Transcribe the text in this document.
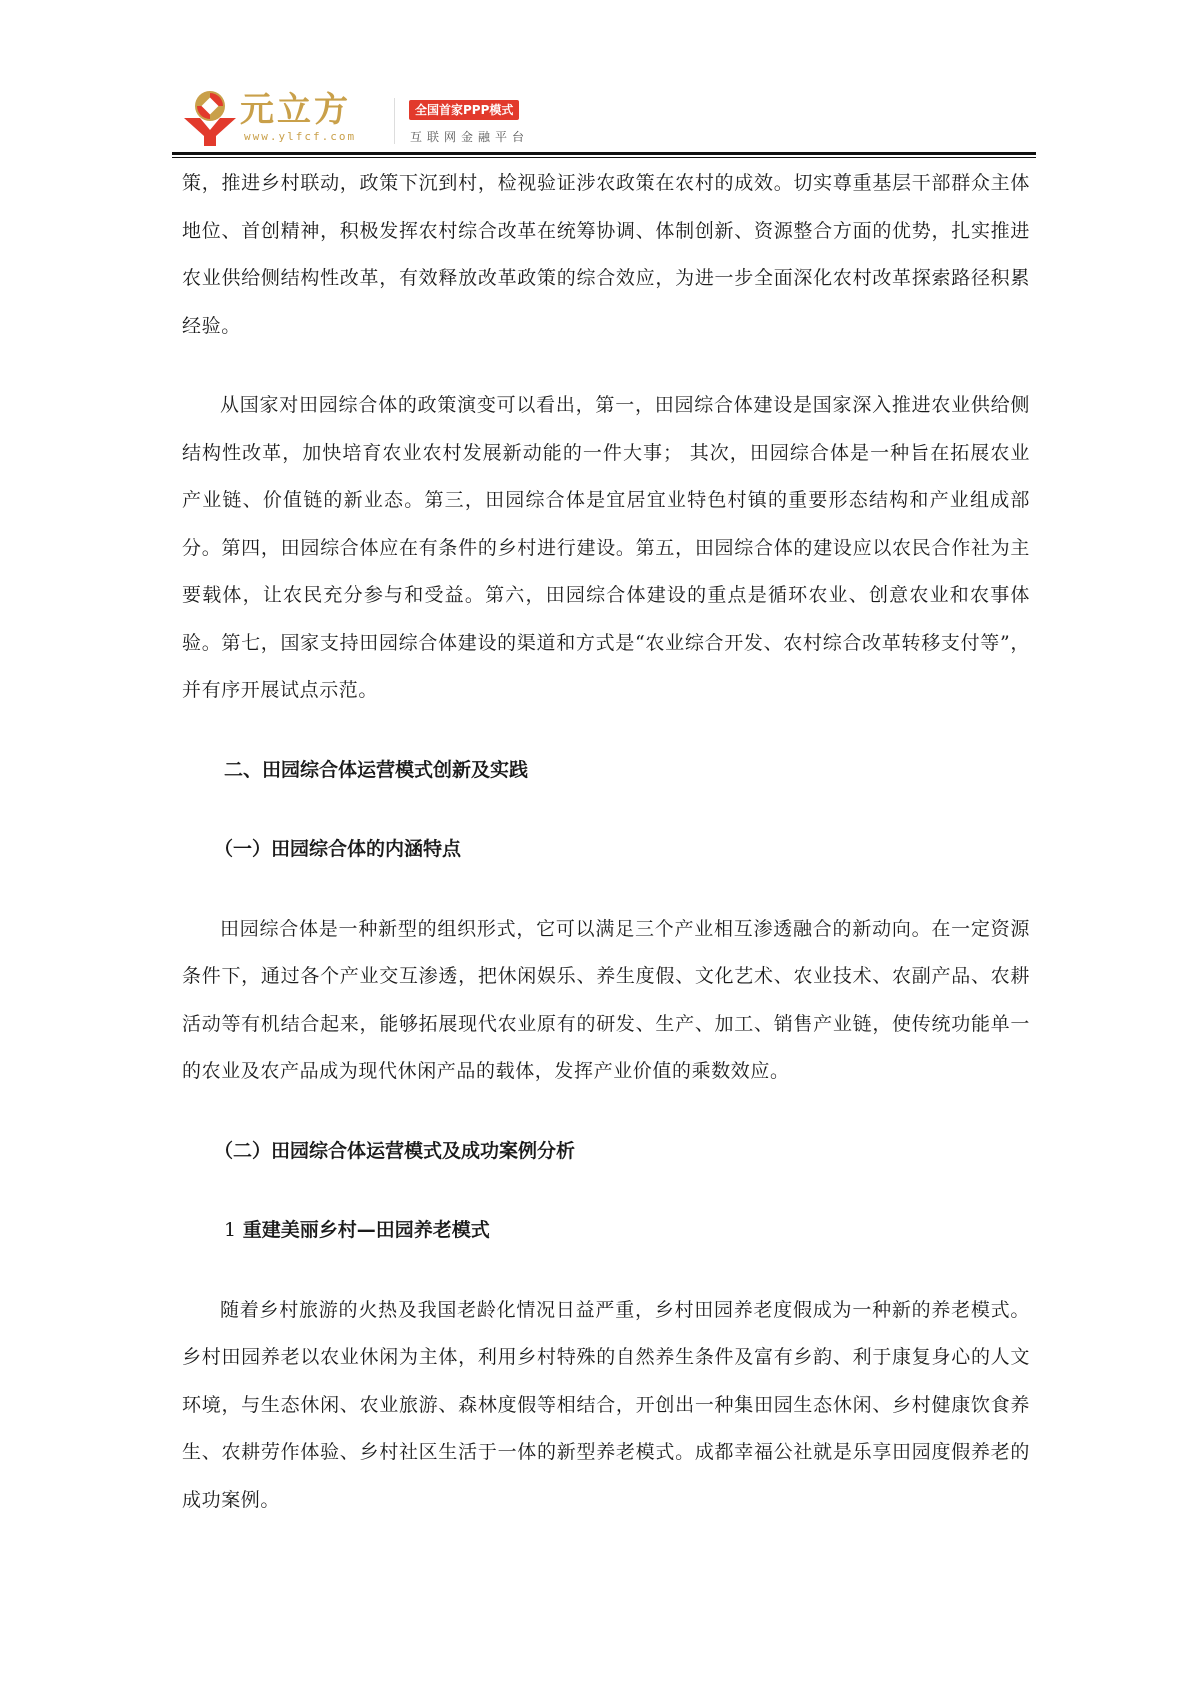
元立方
www.ylfcf.com
全国首家PPP模式
互联网金融平台

策，推进乡村联动，政策下沉到村，检视验证涉农政策在农村的成效。切实尊重基层干部群众主体地位、首创精神，积极发挥农村综合改革在统筹协调、体制创新、资源整合方面的优势，扎实推进农业供给侧结构性改革，有效释放改革政策的综合效应，为进一步全面深化农村改革探索路径积累经验。

从国家对田园综合体的政策演变可以看出，第一，田园综合体建设是国家深入推进农业供给侧结构性改革，加快培育农业农村发展新动能的一件大事； 其次，田园综合体是一种旨在拓展农业产业链、价值链的新业态。第三，田园综合体是宜居宜业特色村镇的重要形态结构和产业组成部分。第四，田园综合体应在有条件的乡村进行建设。第五，田园综合体的建设应以农民合作社为主要载体，让农民充分参与和受益。第六，田园综合体建设的重点是循环农业、创意农业和农事体验。第七，国家支持田园综合体建设的渠道和方式是“农业综合开发、农村综合改革转移支付等”，并有序开展试点示范。

二、田园综合体运营模式创新及实践

（一）田园综合体的内涵特点

田园综合体是一种新型的组织形式，它可以满足三个产业相互渗透融合的新动向。在一定资源条件下，通过各个产业交互渗透，把休闲娱乐、养生度假、文化艺术、农业技术、农副产品、农耕活动等有机结合起来，能够拓展现代农业原有的研发、生产、加工、销售产业链，使传统功能单一的农业及农产品成为现代休闲产品的载体，发挥产业价值的乘数效应。

（二）田园综合体运营模式及成功案例分析

1 重建美丽乡村—田园养老模式

随着乡村旅游的火热及我国老龄化情况日益严重，乡村田园养老度假成为一种新的养老模式。乡村田园养老以农业休闲为主体，利用乡村特殊的自然养生条件及富有乡韵、利于康复身心的人文环境，与生态休闲、农业旅游、森林度假等相结合，开创出一种集田园生态休闲、乡村健康饮食养生、农耕劳作体验、乡村社区生活于一体的新型养老模式。成都幸福公社就是乐享田园度假养老的成功案例。
